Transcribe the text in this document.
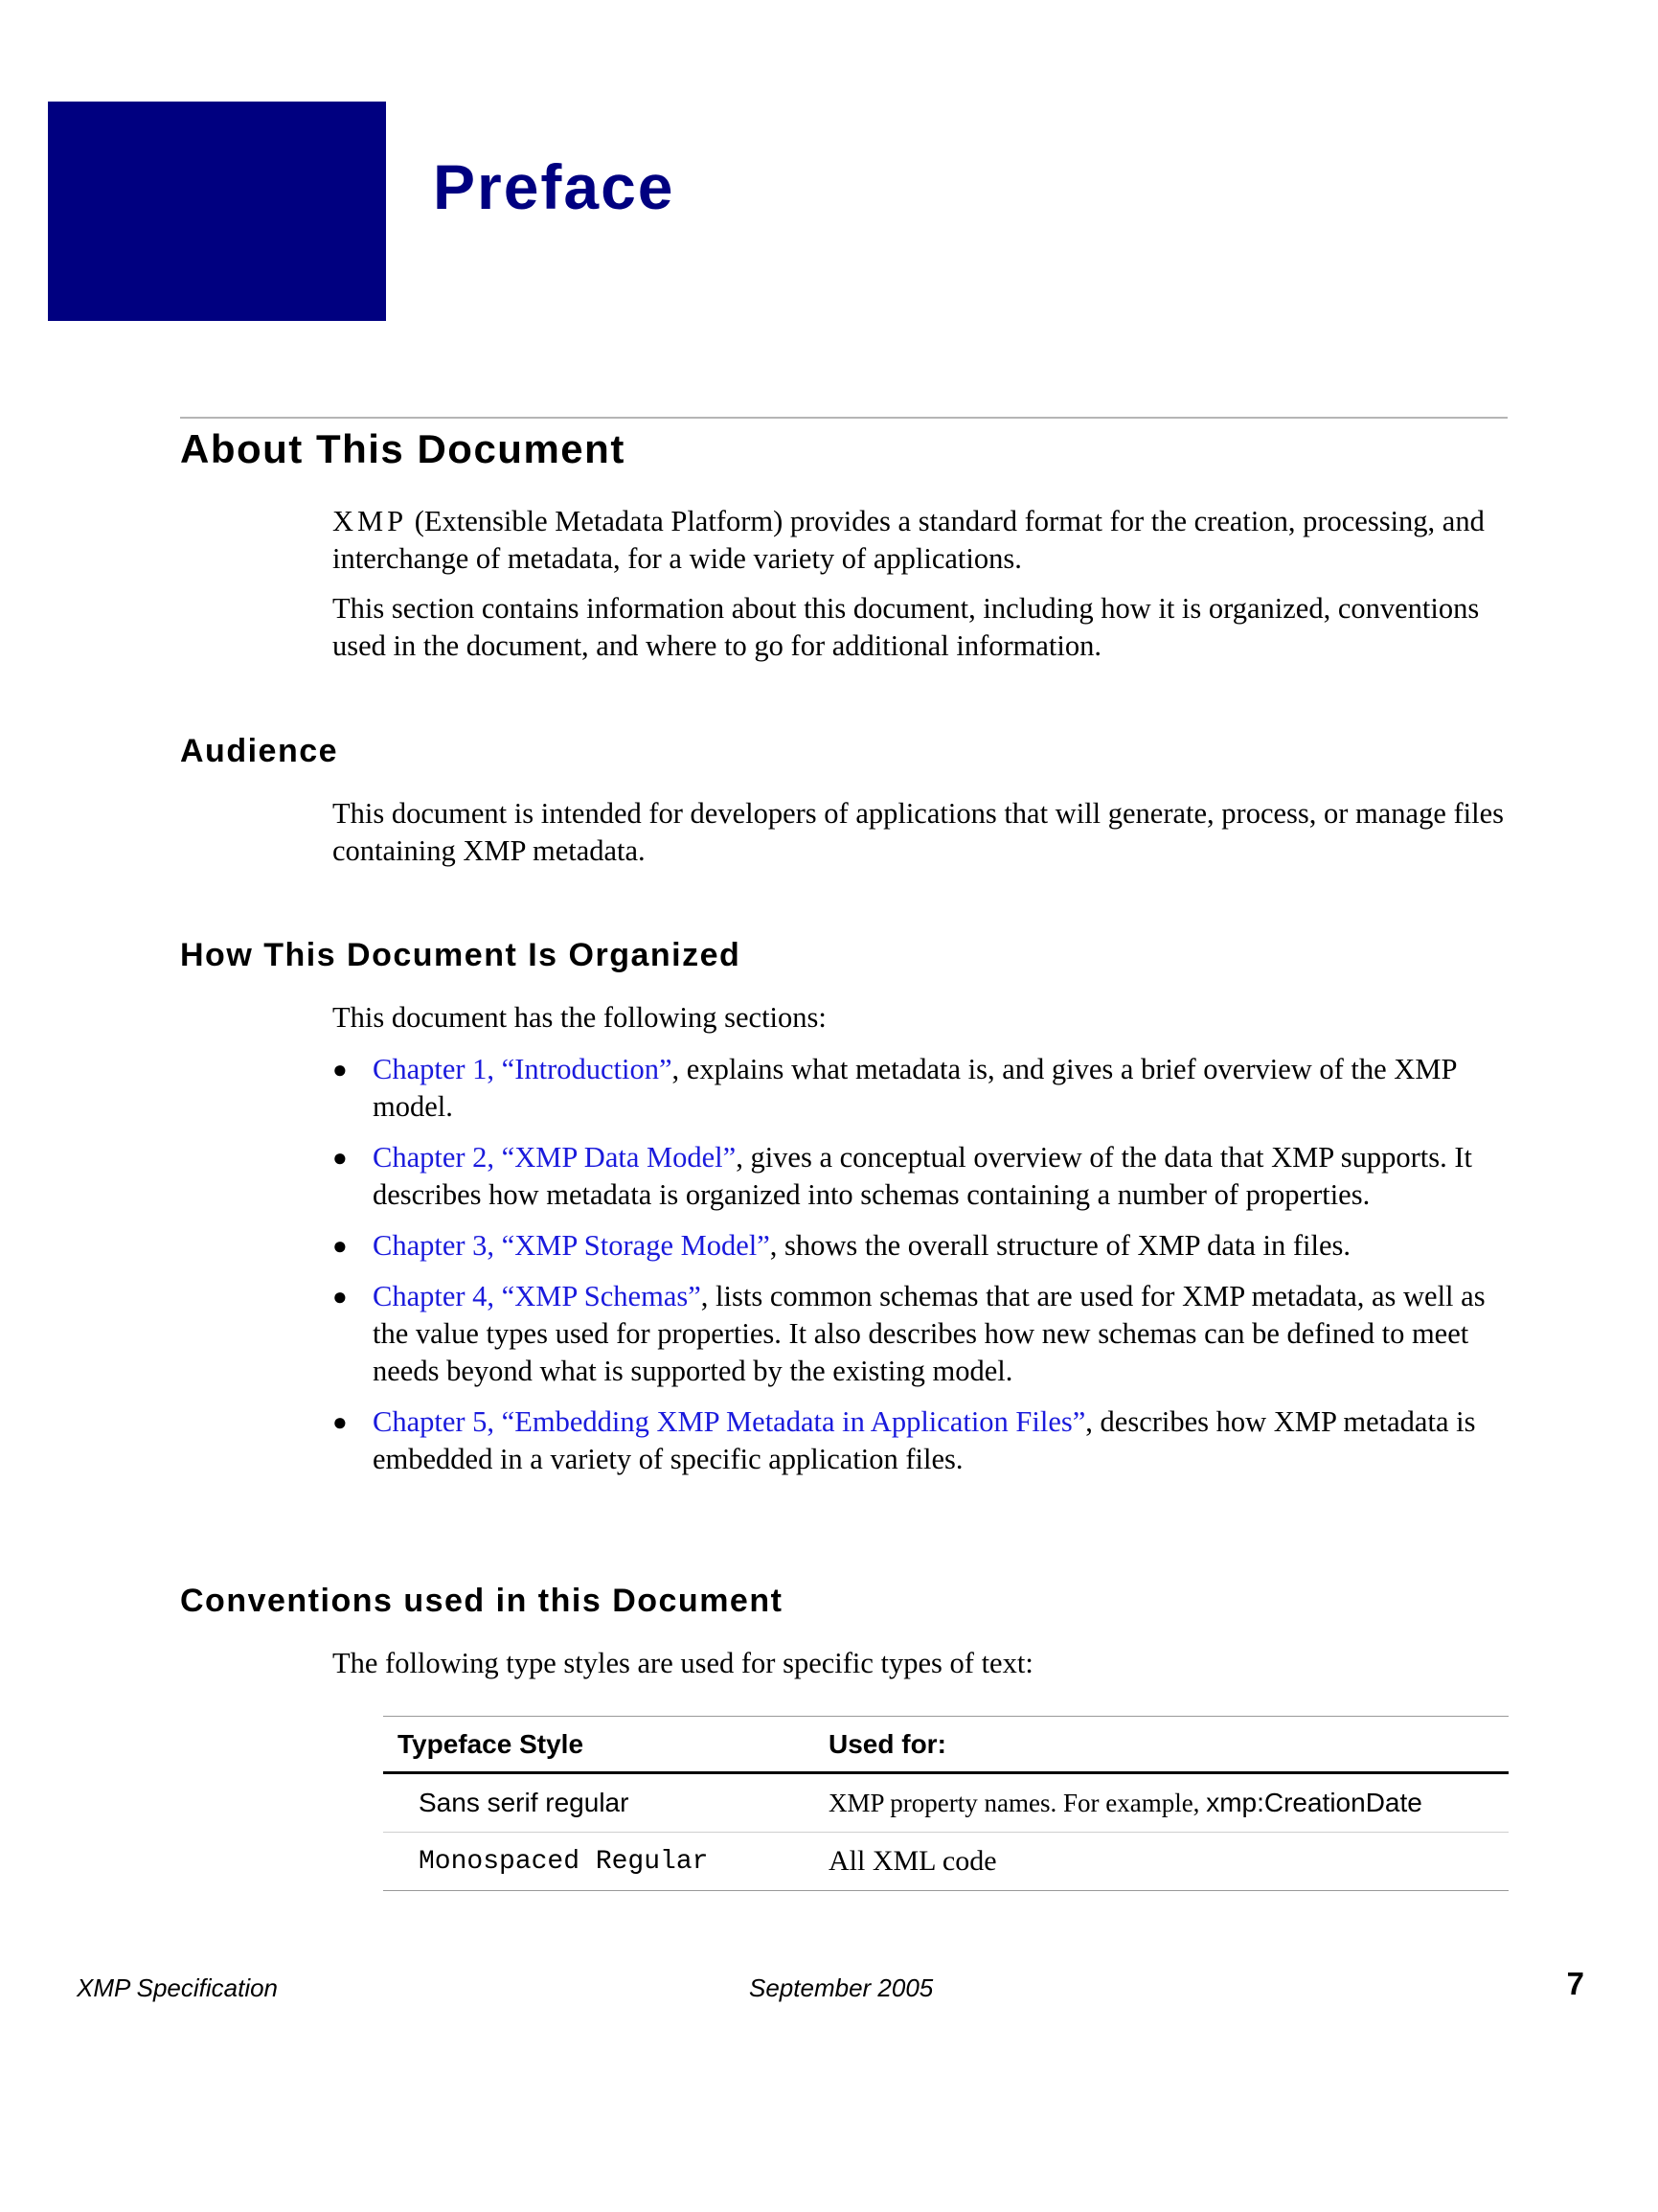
Preface
About This Document

XMP (Extensible Metadata Platform) provides a standard format for the creation, processing, and interchange of metadata, for a wide variety of applications.

This section contains information about this document, including how it is organized, conventions used in the document, and where to go for additional information.

Audience

This document is intended for developers of applications that will generate, process, or manage files containing XMP metadata.

How This Document Is Organized

This document has the following sections:

● Chapter 1, “Introduction”, explains what metadata is, and gives a brief overview of the XMP model.
● Chapter 2, “XMP Data Model”, gives a conceptual overview of the data that XMP supports. It describes how metadata is organized into schemas containing a number of properties.
● Chapter 3, “XMP Storage Model”, shows the overall structure of XMP data in files.
● Chapter 4, “XMP Schemas”, lists common schemas that are used for XMP metadata, as well as the value types used for properties. It also describes how new schemas can be defined to meet needs beyond what is supported by the existing model.
● Chapter 5, “Embedding XMP Metadata in Application Files”, describes how XMP metadata is embedded in a variety of specific application files.
Conventions used in this Document

The following type styles are used for specific types of text:

Typeface Style	Used for:
Sans serif regular	XMP property names. For example, xmp:CreationDate
Monospaced Regular	All XML code

XMP Specification	September 2005	7
